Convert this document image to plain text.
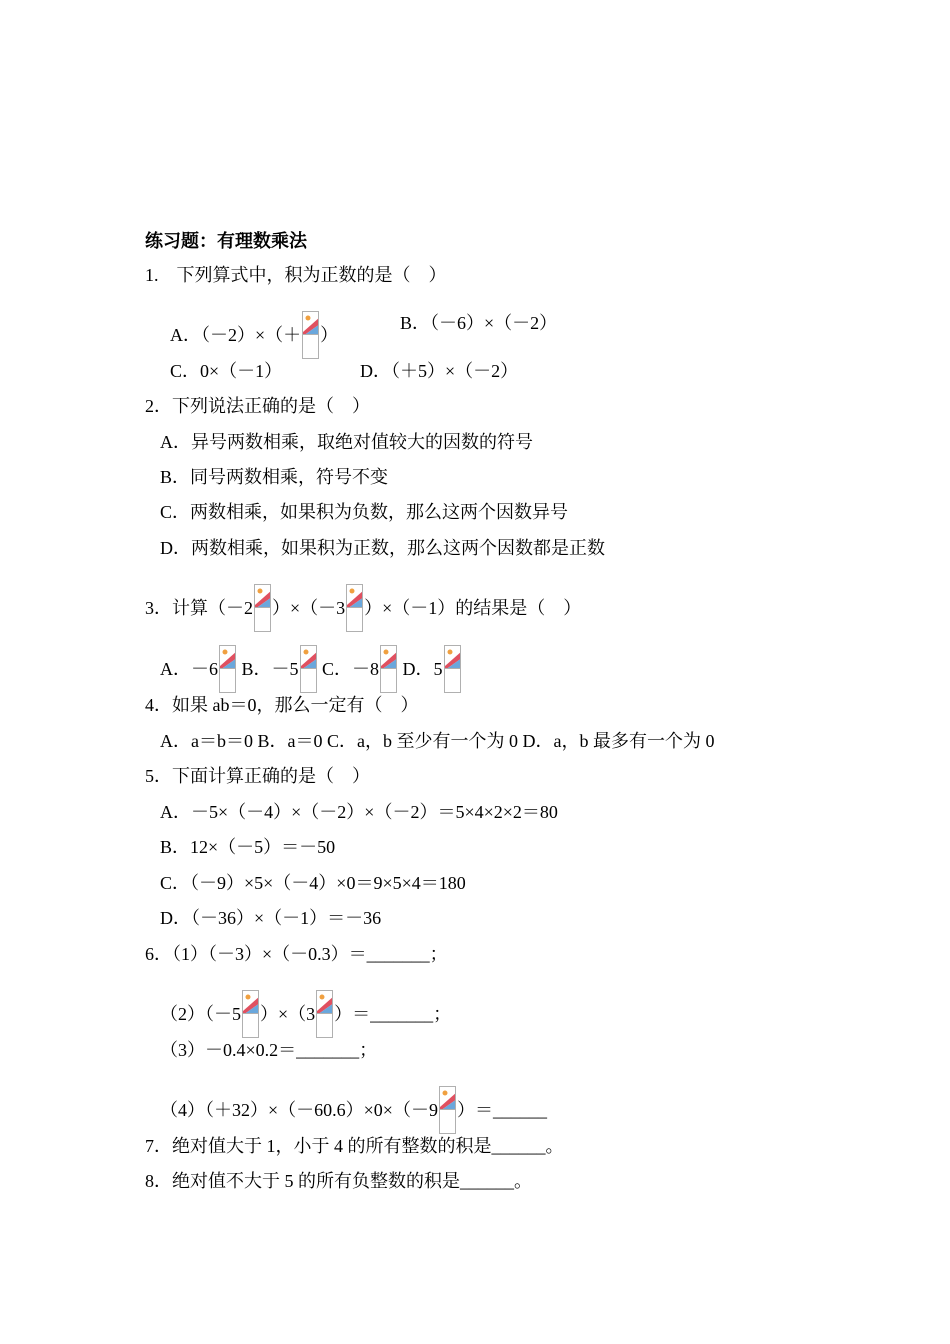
练习题：有理数乘法
1.　下列算式中，积为正数的是（　）
A．（－2）×（＋ ）
B．（－6）×（－2）
C．0×（－1）	D．（＋5）×（－2）
2．下列说法正确的是（　）
A．异号两数相乘，取绝对值较大的因数的符号
B．同号两数相乘，符号不变
C．两数相乘，如果积为负数，那么这两个因数异号
D．两数相乘，如果积为正数，那么这两个因数都是正数
3．计算（－2 ）×（－3 ）×（－1）的结果是（　）
A．－6 B．－5 C．－8 D．5
4．如果 ab＝0，那么一定有（　）
A．a＝b＝0 B．a＝0 C．a，b 至少有一个为 0 D．a，b 最多有一个为 0
5．下面计算正确的是（　）
A．－5×（－4）×（－2）×（－2）＝5×4×2×2＝80
B．12×（－5）＝－50
C．（－9）×5×（－4）×0＝9×5×4＝180
D．（－36）×（－1）＝－36
6．（1）（－3）×（－0.3）＝_______；
（2）（－5 ）×（3 ）＝_______；
（3）－0.4×0.2＝_______；
（4）（＋32）×（－60.6）×0×（－9 ）＝______
7．绝对值大于 1，小于 4 的所有整数的积是______。
8．绝对值不大于 5 的所有负整数的积是______。
